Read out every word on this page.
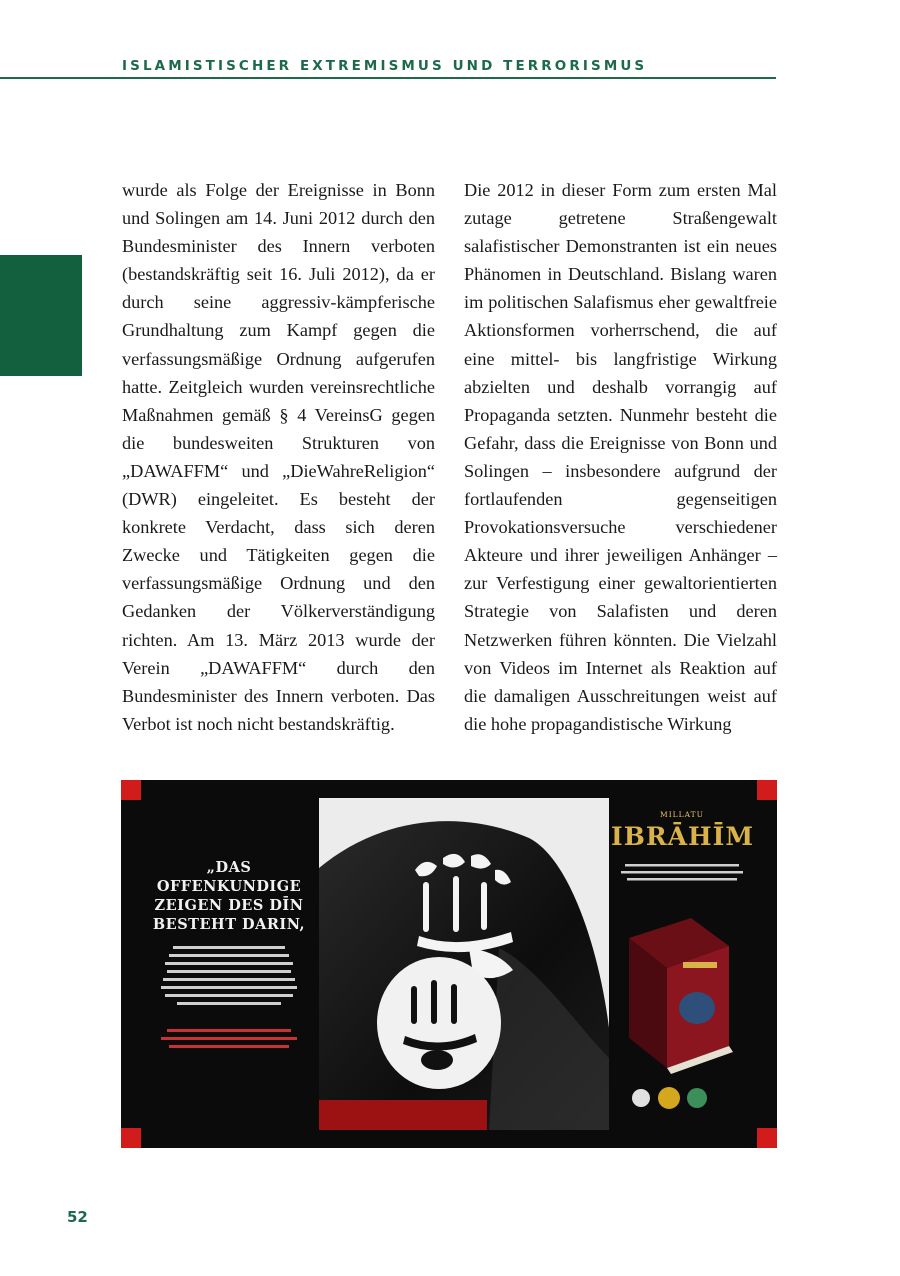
ISLAMISTISCHER EXTREMISMUS UND TERRORISMUS

wurde als Folge der Ereignisse in Bonn und Solingen am 14. Juni 2012 durch den Bundesminister des Innern verboten (bestandskräftig seit 16. Juli 2012), da er durch seine aggressiv-kämpferische Grundhaltung zum Kampf gegen die verfassungsmäßige Ordnung aufgerufen hatte. Zeitgleich wurden vereinsrechtliche Maßnahmen gemäß § 4 VereinsG gegen die bundesweiten Strukturen von „DAWAFFM“ und „DieWahreReligion“ (DWR) eingeleitet. Es besteht der konkrete Verdacht, dass sich deren Zwecke und Tätigkeiten gegen die verfassungsmäßige Ordnung und den Gedanken der Völkerverständigung richten. Am 13. März 2013 wurde der Verein „DAWAFFM“ durch den Bundesminister des Innern verboten. Das Verbot ist noch nicht bestandskräftig.

Die 2012 in dieser Form zum ersten Mal zutage getretene Straßengewalt salafistischer Demonstranten ist ein neues Phänomen in Deutschland. Bislang waren im politischen Salafismus eher gewaltfreie Aktionsformen vorherrschend, die auf eine mittel- bis langfristige Wirkung abzielten und deshalb vorrangig auf Propaganda setzten. Nunmehr besteht die Gefahr, dass die Ereignisse von Bonn und Solingen – insbesondere aufgrund der fortlaufenden gegenseitigen Provokationsversuche verschiedener Akteure und ihrer jeweiligen Anhänger – zur Verfestigung einer gewaltorientierten Strategie von Salafisten und deren Netzwerken führen könnten. Die Vielzahl von Videos im Internet als Reaktion auf die damaligen Ausschreitungen weist auf die hohe propagandistische Wirkung

„DAS OFFENKUNDIGE ZEIGEN DES DĪN BESTEHT DARIN,

MILLATU
IBRĀHĪM
52
